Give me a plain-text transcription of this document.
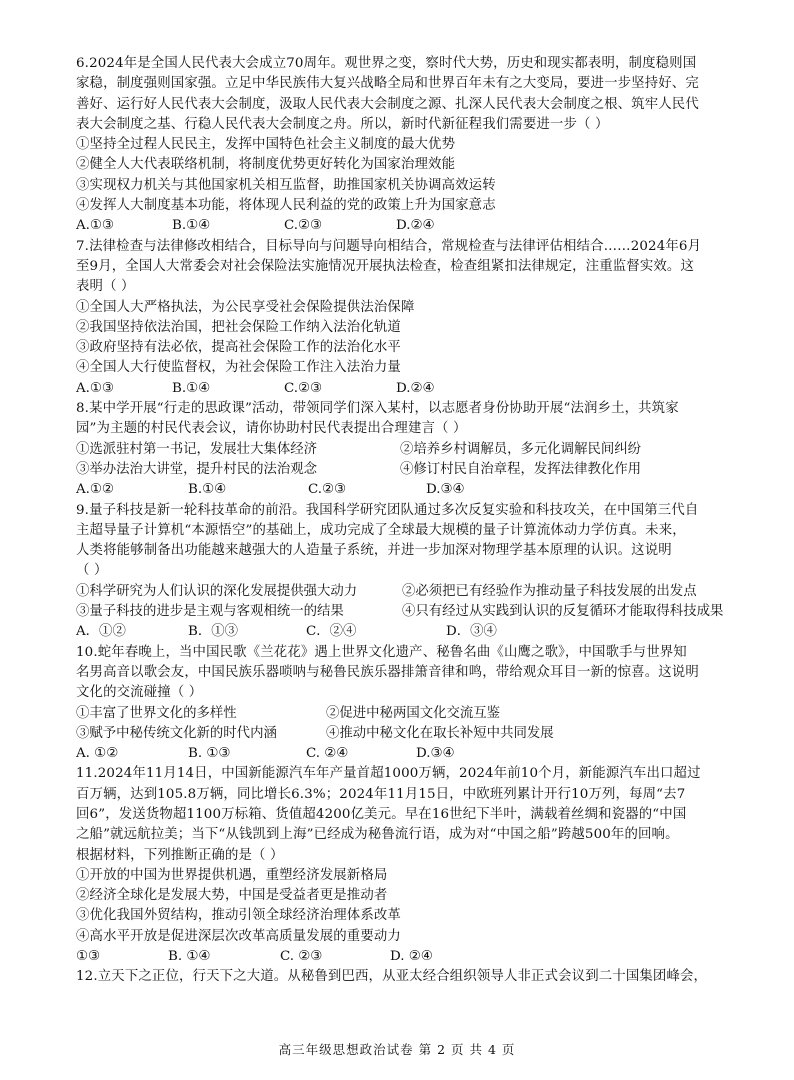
6.2024年是全国人民代表大会成立70周年。观世界之变，察时代大势，历史和现实都表明，制度稳则国
家稳，制度强则国家强。立足中华民族伟大复兴战略全局和世界百年未有之大变局，要进一步坚持好、完
善好、运行好人民代表大会制度，汲取人民代表大会制度之源、扎深人民代表大会制度之根、筑牢人民代
表大会制度之基、行稳人民代表大会制度之舟。所以，新时代新征程我们需要进一步（ ）
①坚持全过程人民民主，发挥中国特色社会主义制度的最大优势
②健全人大代表联络机制，将制度优势更好转化为国家治理效能
③实现权力机关与其他国家机关相互监督，助推国家机关协调高效运转
④发挥人大制度基本功能，将体现人民利益的党的政策上升为国家意志
A.①③	B.①④	C.②③	D.②④
7.法律检查与法律修改相结合，目标导向与问题导向相结合，常规检查与法律评估相结合……2024年6月
至9月，全国人大常委会对社会保险法实施情况开展执法检查，检查组紧扣法律规定，注重监督实效。这
表明（ ）
①全国人大严格执法，为公民享受社会保险提供法治保障
②我国坚持依法治国，把社会保险工作纳入法治化轨道
③政府坚持有法必依，提高社会保险工作的法治化水平
④全国人大行使监督权，为社会保险工作注入法治力量
A.①③	B.①④	C.②③	D.②④
8.某中学开展“行走的思政课”活动，带领同学们深入某村，以志愿者身份协助开展“法润乡土，共筑家
园”为主题的村民代表会议，请你协助村民代表提出合理建言（ ）
①选派驻村第一书记，发展壮大集体经济	②培养乡村调解员，多元化调解民间纠纷
③举办法治大讲堂，提升村民的法治观念	④修订村民自治章程，发挥法律教化作用
A.①②	B.①④	C.②③	D.③④
9.量子科技是新一轮科技革命的前沿。我国科学研究团队通过多次反复实验和科技攻关，在中国第三代自
主超导量子计算机“本源悟空”的基础上，成功完成了全球最大规模的量子计算流体动力学仿真。未来，
人类将能够制备出功能越来越强大的人造量子系统，并进一步加深对物理学基本原理的认识。这说明
（ ）
①科学研究为人们认识的深化发展提供强大动力	②必须把已有经验作为推动量子科技发展的出发点
③量子科技的进步是主观与客观相统一的结果	④只有经过从实践到认识的反复循环才能取得科技成果
A．①②	B．①③	C．②④	D．③④
10.蛇年春晚上，当中国民歌《兰花花》遇上世界文化遗产、秘鲁名曲《山鹰之歌》，中国歌手与世界知
名男高音以歌会友，中国民族乐器唢呐与秘鲁民族乐器排箫音律和鸣，带给观众耳目一新的惊喜。这说明
文化的交流碰撞（ ）
①丰富了世界文化的多样性	②促进中秘两国文化交流互鉴
③赋予中秘传统文化新的时代内涵	④推动中秘文化在取长补短中共同发展
A. ①②	B. ①③	C. ②④	D.③④
11.2024年11月14日，中国新能源汽车年产量首超1000万辆，2024年前10个月，新能源汽车出口超过
百万辆，达到105.8万辆，同比增长6.3%；2024年11月15日，中欧班列累计开行10万列，每周“去7
回6”，发送货物超1100万标箱、货值超4200亿美元。早在16世纪下半叶，满载着丝绸和瓷器的“中国
之船”就远航拉美；当下“从钱凯到上海”已经成为秘鲁流行语，成为对“中国之船”跨越500年的回响。
根据材料，下列推断正确的是（ ）
①开放的中国为世界提供机遇，重塑经济发展新格局
②经济全球化是发展大势，中国是受益者更是推动者
③优化我国外贸结构，推动引领全球经济治理体系改革
④高水平开放是促进深层次改革高质量发展的重要动力
①③	B. ①④	C. ②③	D. ②④
12.立天下之正位，行天下之大道。从秘鲁到巴西，从亚太经合组织领导人非正式会议到二十国集团峰会，
高三年级思想政治试卷 第 2 页 共 4 页
